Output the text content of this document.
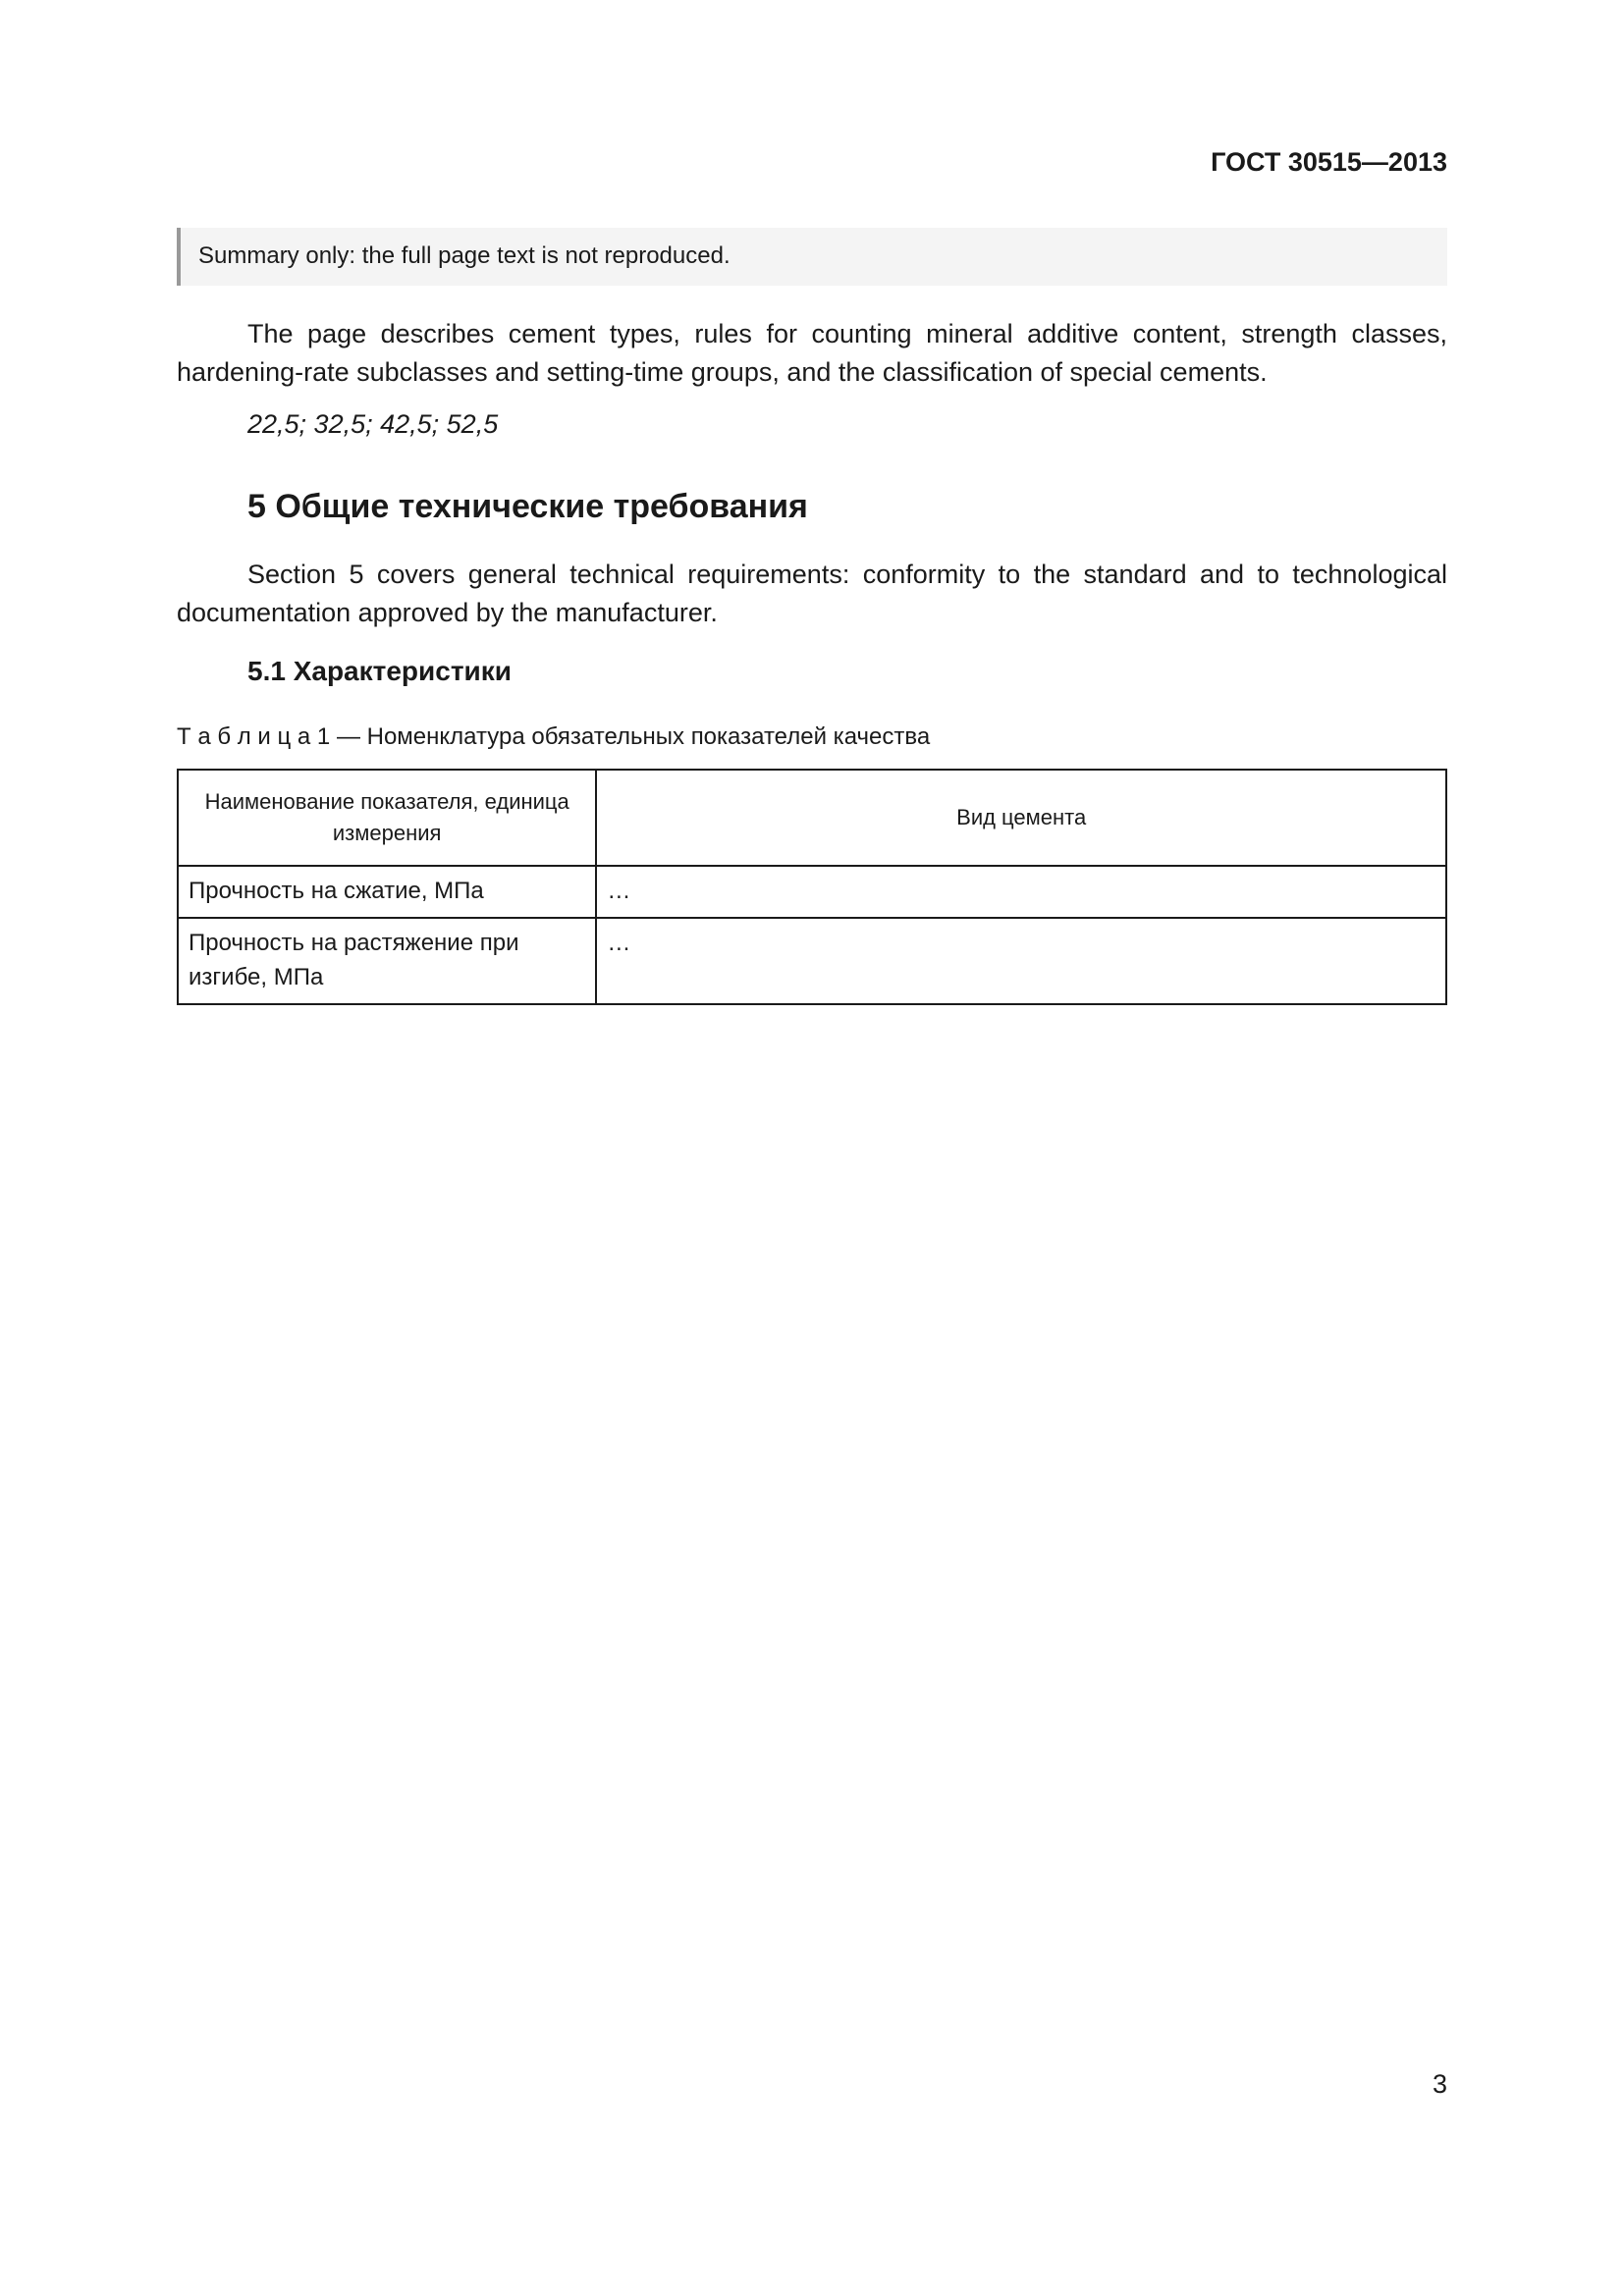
ГОСТ 30515—2013
Summary only: the full page text is not reproduced.

The page describes cement types, rules for counting mineral additive content, strength classes, hardening-rate subclasses and setting-time groups, and the classification of special cements.

22,5; 32,5; 42,5; 52,5

5 Общие технические требования

Section 5 covers general technical requirements: conformity to the standard and to technological documentation approved by the manufacturer.

5.1 Характеристики
Т а б л и ц а 1 — Номенклатура обязательных показателей качества
Наименование показателя, единица измерения	Вид цемента
Прочность на сжатие, МПа	…
Прочность на растяжение при изгибе, МПа	…
3
